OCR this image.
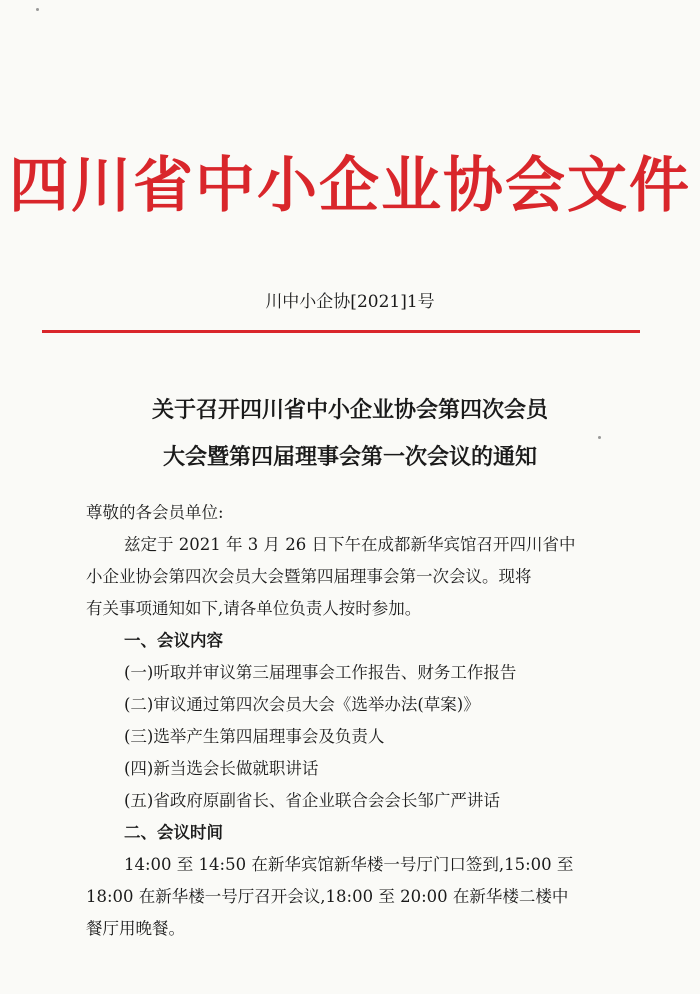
四川省中小企业协会文件
川中小企协[2021]1号
关于召开四川省中小企业协会第四次会员
大会暨第四届理事会第一次会议的通知
尊敬的各会员单位:
兹定于 2021 年 3 月 26 日下午在成都新华宾馆召开四川省中
小企业协会第四次会员大会暨第四届理事会第一次会议。现将
有关事项通知如下,请各单位负责人按时参加。
一、会议内容
(一)听取并审议第三届理事会工作报告、财务工作报告
(二)审议通过第四次会员大会《选举办法(草案)》
(三)选举产生第四届理事会及负责人
(四)新当选会长做就职讲话
(五)省政府原副省长、省企业联合会会长邹广严讲话
二、会议时间
14:00 至 14:50 在新华宾馆新华楼一号厅门口签到,15:00 至
18:00 在新华楼一号厅召开会议,18:00 至 20:00 在新华楼二楼中
餐厅用晚餐。
